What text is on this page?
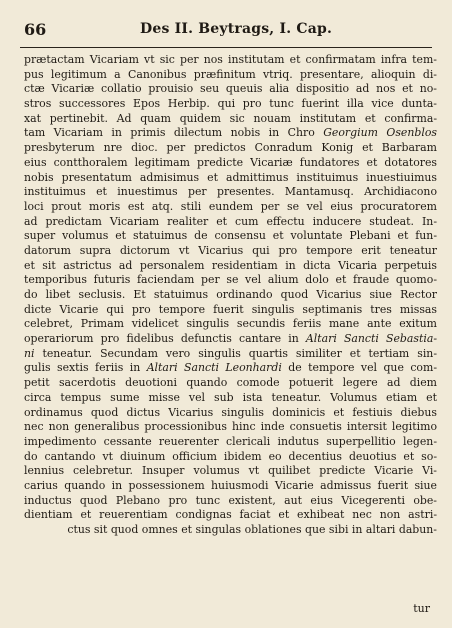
66	Des II. Beytrags, I. Cap.
prætactam Vicariam vt sic per nos institutam et confirmatam infra tem-
pus legitimum a Canonibus præfinitum vtriq. presentare, alioquin di-
ctæ Vicariæ collatio prouisio seu queuis alia dispositio ad nos et no-
stros successores Epos Herbip. qui pro tunc fuerint illa vice dunta-
xat pertinebit. Ad quam quidem sic nouam institutam et confirma-
tam Vicariam in primis dilectum nobis in Chro Georgium Osenblos
presbyterum nre dioc. per predictos Conradum Konig et Barbaram
eius contthoralem legitimam predicte Vicariæ fundatores et dotatores
nobis presentatum admisimus et admittimus instituimus inuestiuimus
instituimus et inuestimus per presentes. Mantamusq. Archidiacono
loci prout moris est atq. stili eundem per se vel eius procuratorem
ad predictam Vicariam realiter et cum effectu inducere studeat. In-
super volumus et statuimus de consensu et voluntate Plebani et fun-
datorum supra dictorum vt Vicarius qui pro tempore erit teneatur
et sit astrictus ad personalem residentiam in dicta Vicaria perpetuis
temporibus futuris faciendam per se vel alium dolo et fraude quomo-
do libet seclusis. Et statuimus ordinando quod Vicarius siue Rector
dicte Vicarie qui pro tempore fuerit singulis septimanis tres missas
celebret, Primam videlicet singulis secundis feriis mane ante exitum
operariorum pro fidelibus defunctis cantare in Altari Sancti Sebastia-
ni teneatur. Secundam vero singulis quartis similiter et tertiam sin-
gulis sextis feriis in Altari Sancti Leonhardi de tempore vel que com-
petit sacerdotis deuotioni quando comode potuerit legere ad diem
circa tempus sume misse vel sub ista teneatur. Volumus etiam et
ordinamus quod dictus Vicarius singulis dominicis et festiuis diebus
nec non generalibus processionibus hinc inde consuetis intersit legitimo
impedimento cessante reuerenter clericali indutus superpellitio legen-
do cantando vt diuinum officium ibidem eo decentius deuotius et so-
lennius celebretur. Insuper volumus vt quilibet predicte Vicarie Vi-
carius quando in possessionem huiusmodi Vicarie admissus fuerit siue
inductus quod Plebano pro tunc existent, aut eius Vicegerenti obe-
dientiam et reuerentiam condignas faciat et exhibeat nec non astri-
ctus sit quod omnes et singulas oblationes que sibi in altari dabun-
tur
